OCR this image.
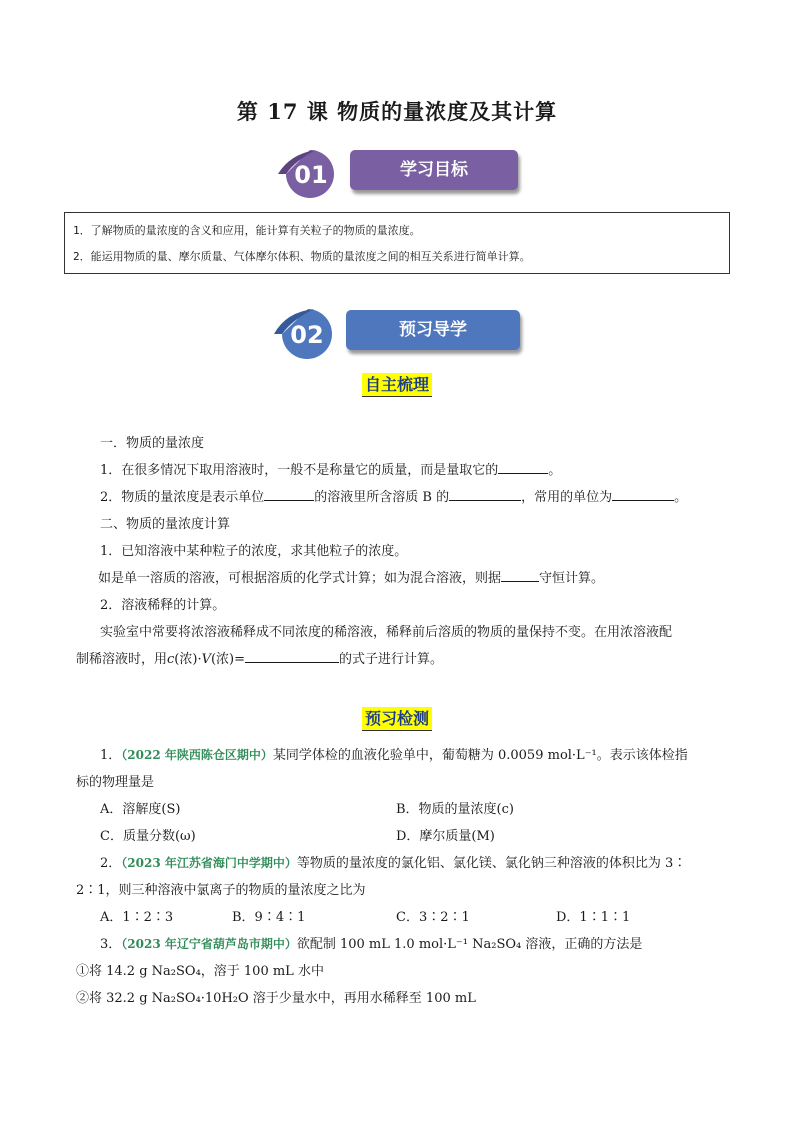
第 17 课 物质的量浓度及其计算
01	学习目标
1．了解物质的量浓度的含义和应用，能计算有关粒子的物质的量浓度。
2．能运用物质的量、摩尔质量、气体摩尔体积、物质的量浓度之间的相互关系进行简单计算。
02	预习导学
自主梳理

一．物质的量浓度

1．在很多情况下取用溶液时，一般不是称量它的质量，而是量取它的	。

2．物质的量浓度是表示单位	的溶液里所含溶质 B 的	，常用的单位为	。

二、物质的量浓度计算

1．已知溶液中某种粒子的浓度，求其他粒子的浓度。

如是单一溶质的溶液，可根据溶质的化学式计算；如为混合溶液，则据	守恒计算。

2．溶液稀释的计算。

实验室中常要将浓溶液稀释成不同浓度的稀溶液，稀释前后溶质的物质的量保持不变。在用浓溶液配

制稀溶液时，用c(浓)·V(浓)=	的式子进行计算。

预习检测

1．（2022 年陕西陈仓区期中）某同学体检的血液化验单中，葡萄糖为 0.0059 mol·L⁻¹。表示该体检指

标的物理量是

A．溶解度(S)	B．物质的量浓度(c)
C．质量分数(ω)	D．摩尔质量(M)

2．（2023 年江苏省海门中学期中）等物质的量浓度的氯化铝、氯化镁、氯化钠三种溶液的体积比为 3∶

2∶1，则三种溶液中氯离子的物质的量浓度之比为

A．1∶2∶3	B．9∶4∶1	C．3∶2∶1	D．1∶1∶1

3．（2023 年辽宁省葫芦岛市期中）欲配制 100 mL 1.0 mol·L⁻¹ Na₂SO₄ 溶液，正确的方法是

①将 14.2 g Na₂SO₄，溶于 100 mL 水中

②将 32.2 g Na₂SO₄·10H₂O 溶于少量水中，再用水稀释至 100 mL
